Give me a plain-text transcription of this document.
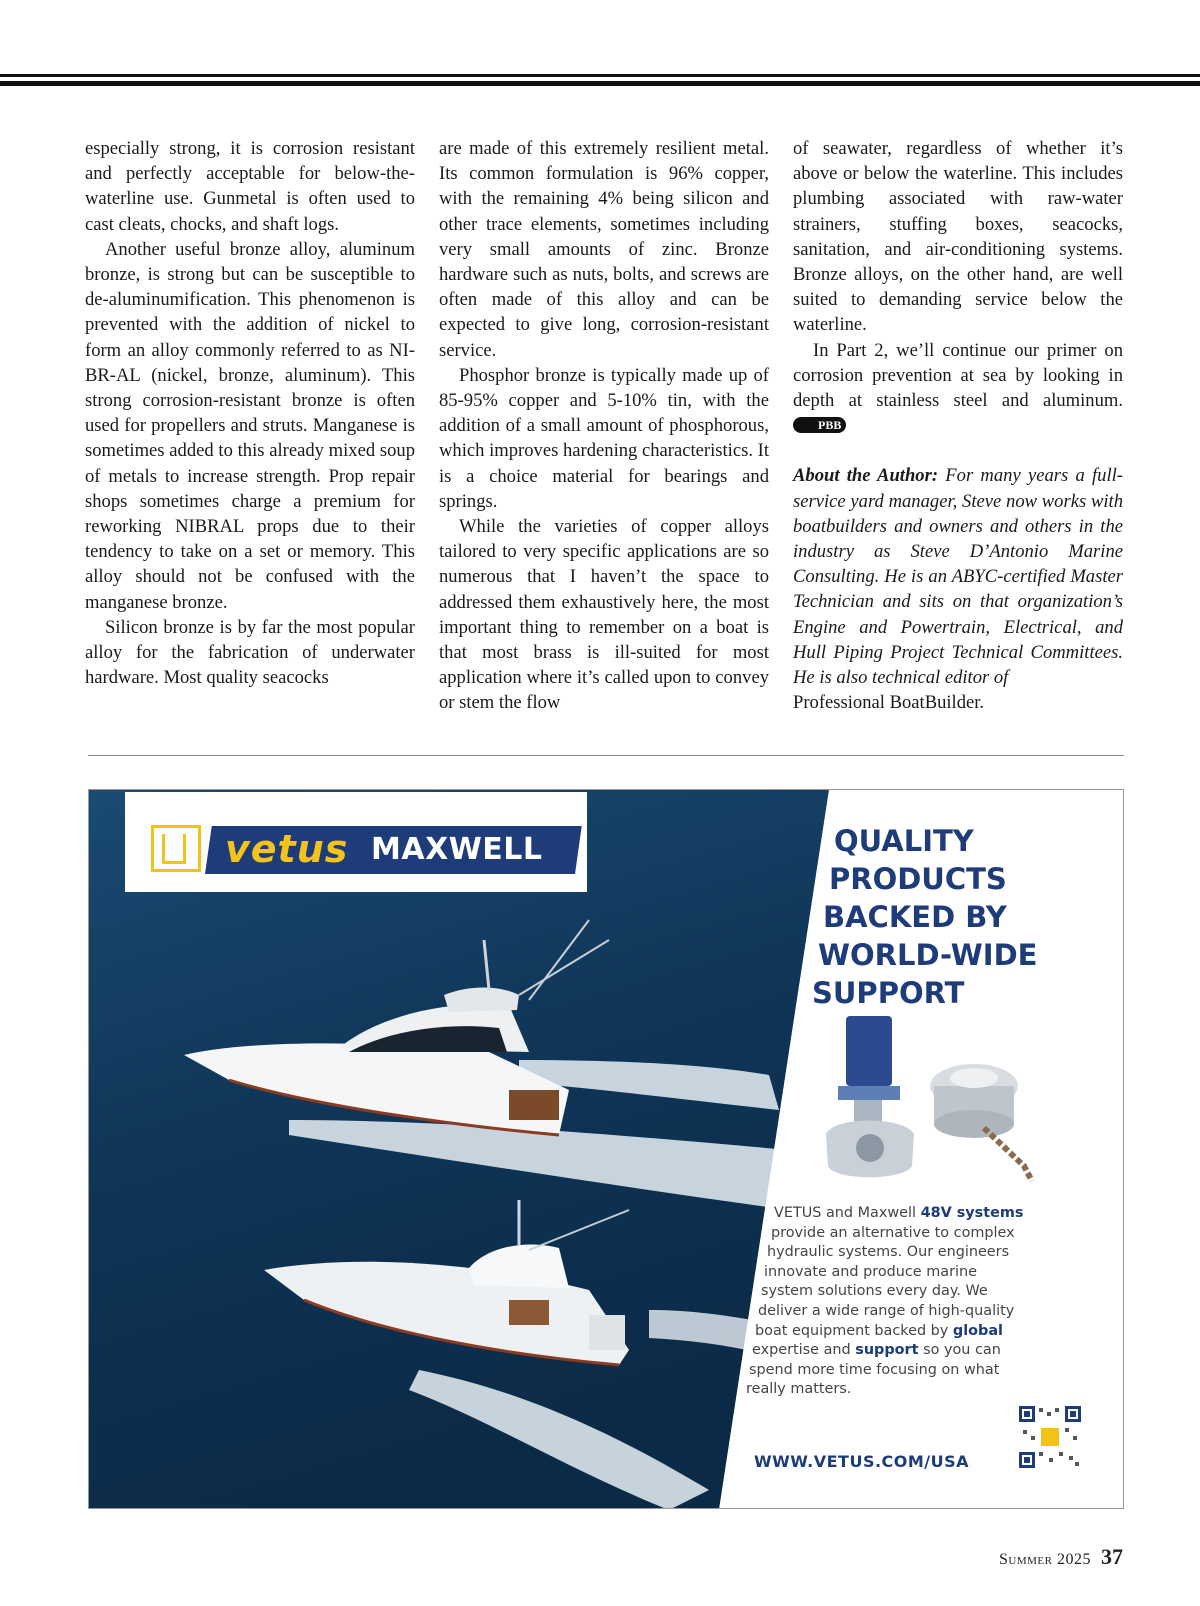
especially strong, it is corrosion resistant and perfectly acceptable for below-the-waterline use. Gunmetal is often used to cast cleats, chocks, and shaft logs.

Another useful bronze alloy, aluminum bronze, is strong but can be susceptible to de-aluminumification. This phenomenon is prevented with the addition of nickel to form an alloy commonly referred to as NI-BR-AL (nickel, bronze, aluminum). This strong corrosion-resistant bronze is often used for propellers and struts. Manganese is sometimes added to this already mixed soup of metals to increase strength. Prop repair shops sometimes charge a premium for reworking NIBRAL props due to their tendency to take on a set or memory. This alloy should not be confused with the manganese bronze.

Silicon bronze is by far the most popular alloy for the fabrication of underwater hardware. Most quality seacocks

are made of this extremely resilient metal. Its common formulation is 96% copper, with the remaining 4% being silicon and other trace elements, sometimes including very small amounts of zinc. Bronze hardware such as nuts, bolts, and screws are often made of this alloy and can be expected to give long, corrosion-resistant service.

Phosphor bronze is typically made up of 85-95% copper and 5-10% tin, with the addition of a small amount of phosphorous, which improves hardening characteristics. It is a choice material for bearings and springs.

While the varieties of copper alloys tailored to very specific applications are so numerous that I haven’t the space to addressed them exhaustively here, the most important thing to remember on a boat is that most brass is ill-suited for most application where it’s called upon to convey or stem the flow

of seawater, regardless of whether it’s above or below the waterline. This includes plumbing associated with raw-water strainers, stuffing boxes, seacocks, sanitation, and air-conditioning systems. Bronze alloys, on the other hand, are well suited to demanding service below the waterline.

In Part 2, we’ll continue our primer on corrosion prevention at sea by looking in depth at stainless steel and aluminum. PBB

About the Author: For many years a full-service yard manager, Steve now works with boatbuilders and owners and others in the industry as Steve D’Antonio Marine Consulting. He is an ABYC-certified Master Technician and sits on that organization’s Engine and Powertrain, Electrical, and Hull Piping Project Technical Committees. He is also technical editor of
Professional BoatBuilder.

vetus MAXWELL	QUALITY
PRODUCTS
BACKED BY
WORLD-WIDE
SUPPORT
VETUS and Maxwell 48V systems
provide an alternative to complex
hydraulic systems. Our engineers
innovate and produce marine
system solutions every day. We
deliver a wide range of high-quality
boat equipment backed by global
expertise and support so you can
spend more time focusing on what
really matters.
WWW.VETUS.COM/USA
Summer 2025 37
